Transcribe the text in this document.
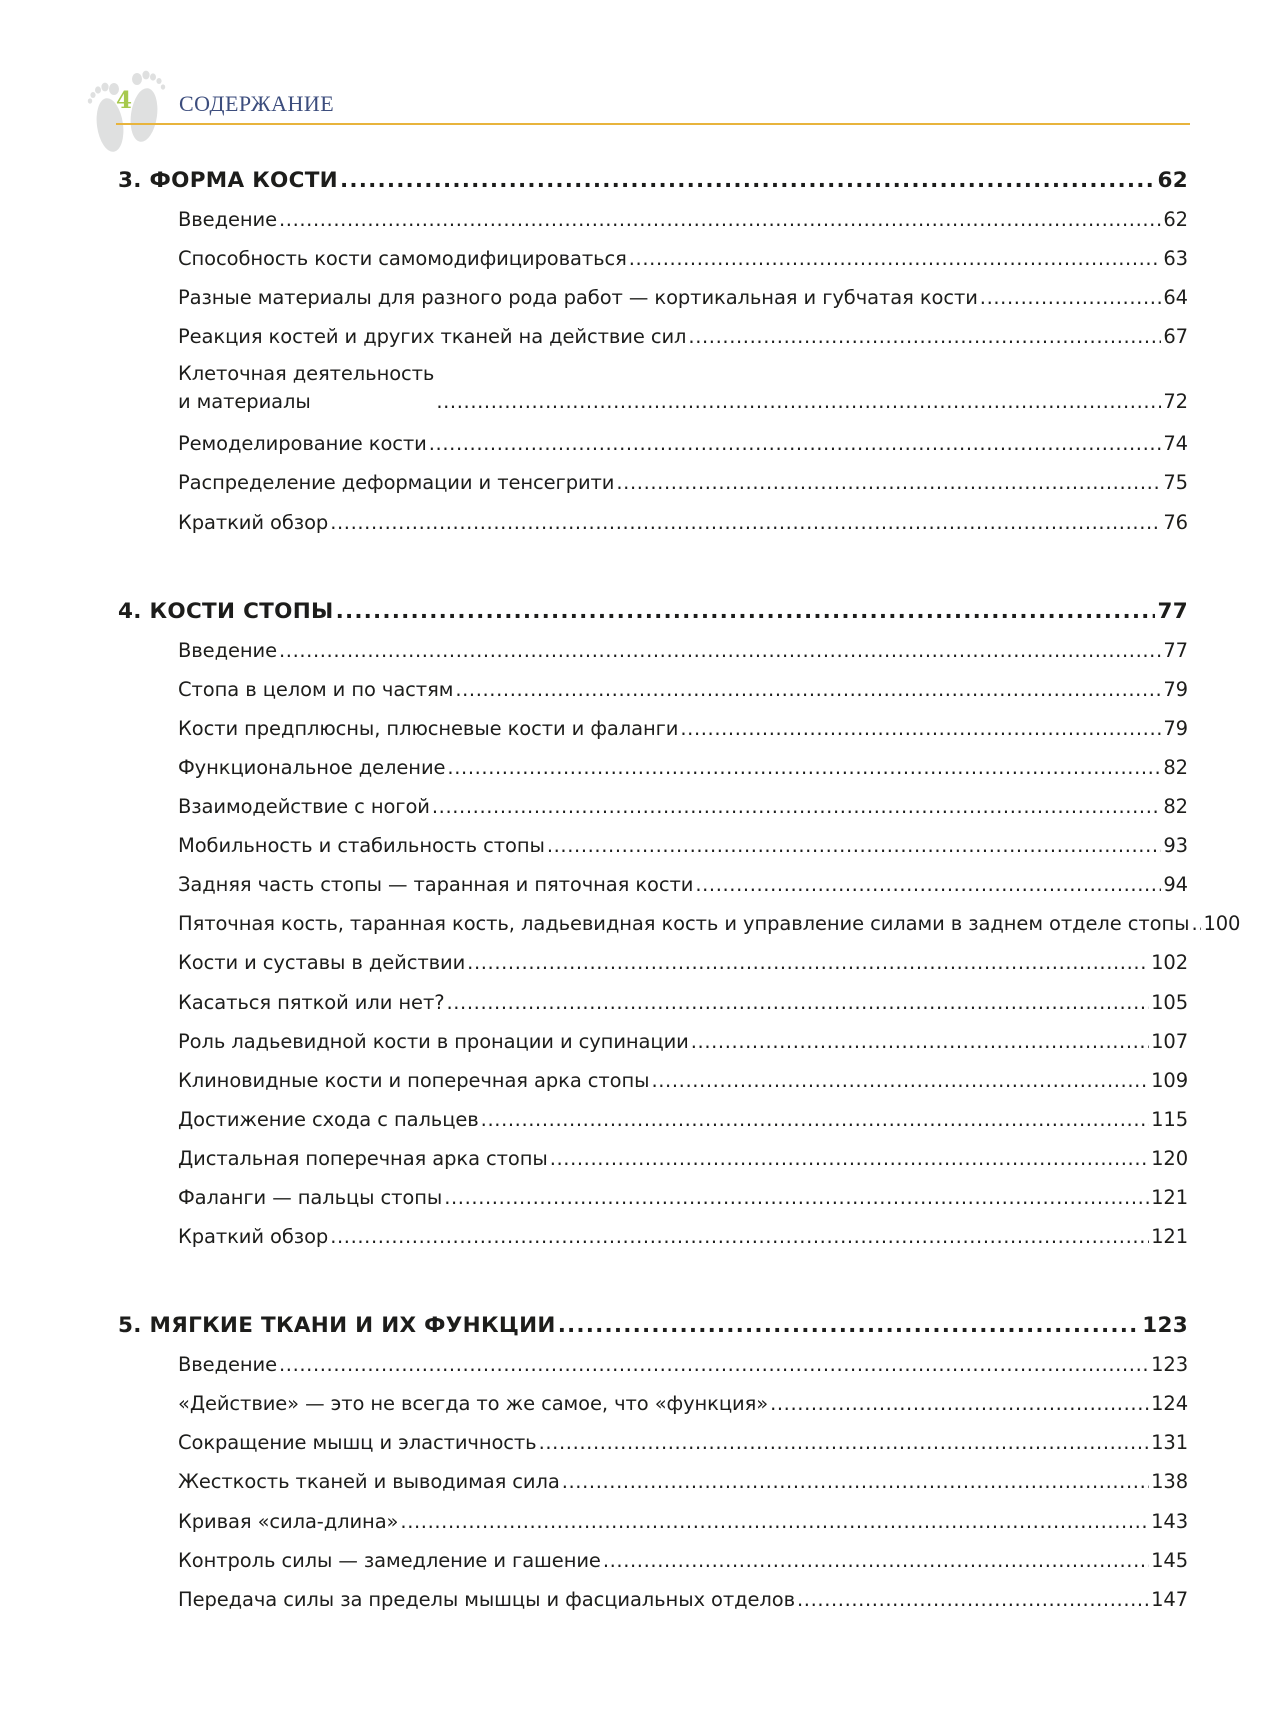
4	СОДЕРЖАНИЕ
3. ФОРМА КОСТИ .....	62
Введение .....	62
Способность кости самомодифицироваться .....	63
Разные материалы для разного рода работ — кортикальная и губчатая кости .....	64
Реакция костей и других тканей на действие сил .....	67
Клеточная деятельность
и материалы .....	72
Ремоделирование кости .....	74
Распределение деформации и тенсегрити .....	75
Краткий обзор .....	76
4. КОСТИ СТОПЫ .....	77
Введение .....	77
Стопа в целом и по частям .....	79
Кости предплюсны, плюсневые кости и фаланги .....	79
Функциональное деление .....	82
Взаимодействие с ногой .....	82
Мобильность и стабильность стопы .....	93
Задняя часть стопы — таранная и пяточная кости .....	94
Пяточная кость, таранная кость, ладьевидная кость и управление силами в заднем отделе стопы ..... 100
Кости и суставы в действии .....	102
Касаться пяткой или нет? .....	105
Роль ладьевидной кости в пронации и супинации .....	107
Клиновидные кости и поперечная арка стопы .....	109
Достижение схода с пальцев .....	115
Дистальная поперечная арка стопы .....	120
Фаланги — пальцы стопы .....	121
Краткий обзор .....	121
5. МЯГКИЕ ТКАНИ И ИХ ФУНКЦИИ .....	123
Введение .....	123
«Действие» — это не всегда то же самое, что «функция» .....	124
Сокращение мышц и эластичность .....	131
Жесткость тканей и выводимая сила .....	138
Кривая «сила-длина» .....	143
Контроль силы — замедление и гашение .....	145
Передача силы за пределы мышцы и фасциальных отделов .....	147
